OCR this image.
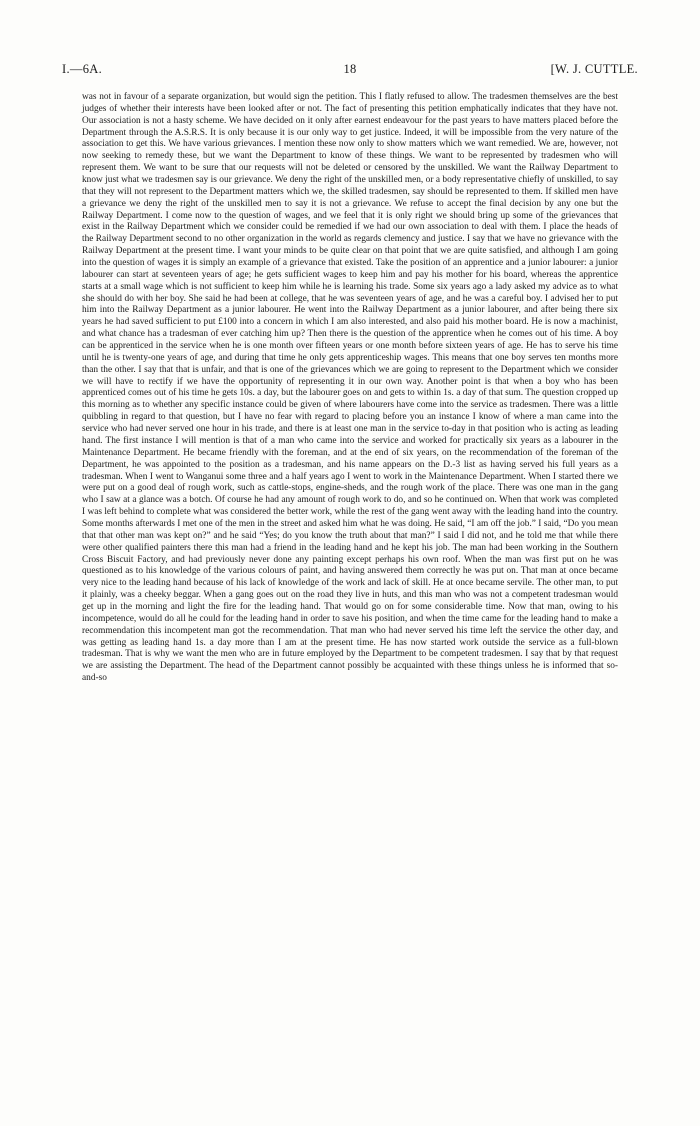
I.—6A.	18	[W. J. CUTTLE.

was not in favour of a separate organization, but would sign the petition. This I flatly refused to allow. The tradesmen themselves are the best judges of whether their interests have been looked after or not. The fact of presenting this petition emphatically indicates that they have not. Our association is not a hasty scheme. We have decided on it only after earnest endeavour for the past years to have matters placed before the Department through the A.S.R.S. It is only because it is our only way to get justice. Indeed, it will be impossible from the very nature of the association to get this. We have various grievances. I mention these now only to show matters which we want remedied. We are, however, not now seeking to remedy these, but we want the Department to know of these things. We want to be represented by tradesmen who will represent them. We want to be sure that our requests will not be deleted or censored by the unskilled. We want the Railway Department to know just what we tradesmen say is our grievance. We deny the right of the unskilled men, or a body representative chiefly of unskilled, to say that they will not represent to the Department matters which we, the skilled tradesmen, say should be represented to them. If skilled men have a grievance we deny the right of the unskilled men to say it is not a grievance. We refuse to accept the final decision by any one but the Railway Department. I come now to the question of wages, and we feel that it is only right we should bring up some of the grievances that exist in the Railway Department which we consider could be remedied if we had our own association to deal with them. I place the heads of the Railway Department second to no other organization in the world as regards clemency and justice. I say that we have no grievance with the Railway Department at the present time. I want your minds to be quite clear on that point that we are quite satisfied, and although I am going into the question of wages it is simply an example of a grievance that existed. Take the position of an apprentice and a junior labourer: a junior labourer can start at seventeen years of age; he gets sufficient wages to keep him and pay his mother for his board, whereas the apprentice starts at a small wage which is not sufficient to keep him while he is learning his trade. Some six years ago a lady asked my advice as to what she should do with her boy. She said he had been at college, that he was seventeen years of age, and he was a careful boy. I advised her to put him into the Railway Department as a junior labourer. He went into the Railway Department as a junior labourer, and after being there six years he had saved sufficient to put £100 into a concern in which I am also interested, and also paid his mother board. He is now a machinist, and what chance has a tradesman of ever catching him up? Then there is the question of the apprentice when he comes out of his time. A boy can be apprenticed in the service when he is one month over fifteen years or one month before sixteen years of age. He has to serve his time until he is twenty-one years of age, and during that time he only gets apprenticeship wages. This means that one boy serves ten months more than the other. I say that that is unfair, and that is one of the grievances which we are going to represent to the Department which we consider we will have to rectify if we have the opportunity of representing it in our own way. Another point is that when a boy who has been apprenticed comes out of his time he gets 10s. a day, but the labourer goes on and gets to within 1s. a day of that sum. The question cropped up this morning as to whether any specific instance could be given of where labourers have come into the service as tradesmen. There was a little quibbling in regard to that question, but I have no fear with regard to placing before you an instance I know of where a man came into the service who had never served one hour in his trade, and there is at least one man in the service to-day in that position who is acting as leading hand. The first instance I will mention is that of a man who came into the service and worked for practically six years as a labourer in the Maintenance Department. He became friendly with the foreman, and at the end of six years, on the recommendation of the foreman of the Department, he was appointed to the position as a tradesman, and his name appears on the D.-3 list as having served his full years as a tradesman. When I went to Wanganui some three and a half years ago I went to work in the Maintenance Department. When I started there we were put on a good deal of rough work, such as cattle-stops, engine-sheds, and the rough work of the place. There was one man in the gang who I saw at a glance was a botch. Of course he had any amount of rough work to do, and so he continued on. When that work was completed I was left behind to complete what was considered the better work, while the rest of the gang went away with the leading hand into the country. Some months afterwards I met one of the men in the street and asked him what he was doing. He said, “I am off the job.” I said, “Do you mean that that other man was kept on?” and he said “Yes; do you know the truth about that man?” I said I did not, and he told me that while there were other qualified painters there this man had a friend in the leading hand and he kept his job. The man had been working in the Southern Cross Biscuit Factory, and had previously never done any painting except perhaps his own roof. When the man was first put on he was questioned as to his knowledge of the various colours of paint, and having answered them correctly he was put on. That man at once became very nice to the leading hand because of his lack of knowledge of the work and lack of skill. He at once became servile. The other man, to put it plainly, was a cheeky beggar. When a gang goes out on the road they live in huts, and this man who was not a competent tradesman would get up in the morning and light the fire for the leading hand. That would go on for some considerable time. Now that man, owing to his incompetence, would do all he could for the leading hand in order to save his position, and when the time came for the leading hand to make a recommendation this incompetent man got the recommendation. That man who had never served his time left the service the other day, and was getting as leading hand 1s. a day more than I am at the present time. He has now started work outside the service as a full-blown tradesman. That is why we want the men who are in future employed by the Department to be competent tradesmen. I say that by that request we are assisting the Department. The head of the Department cannot possibly be acquainted with these things unless he is informed that so-and-so
